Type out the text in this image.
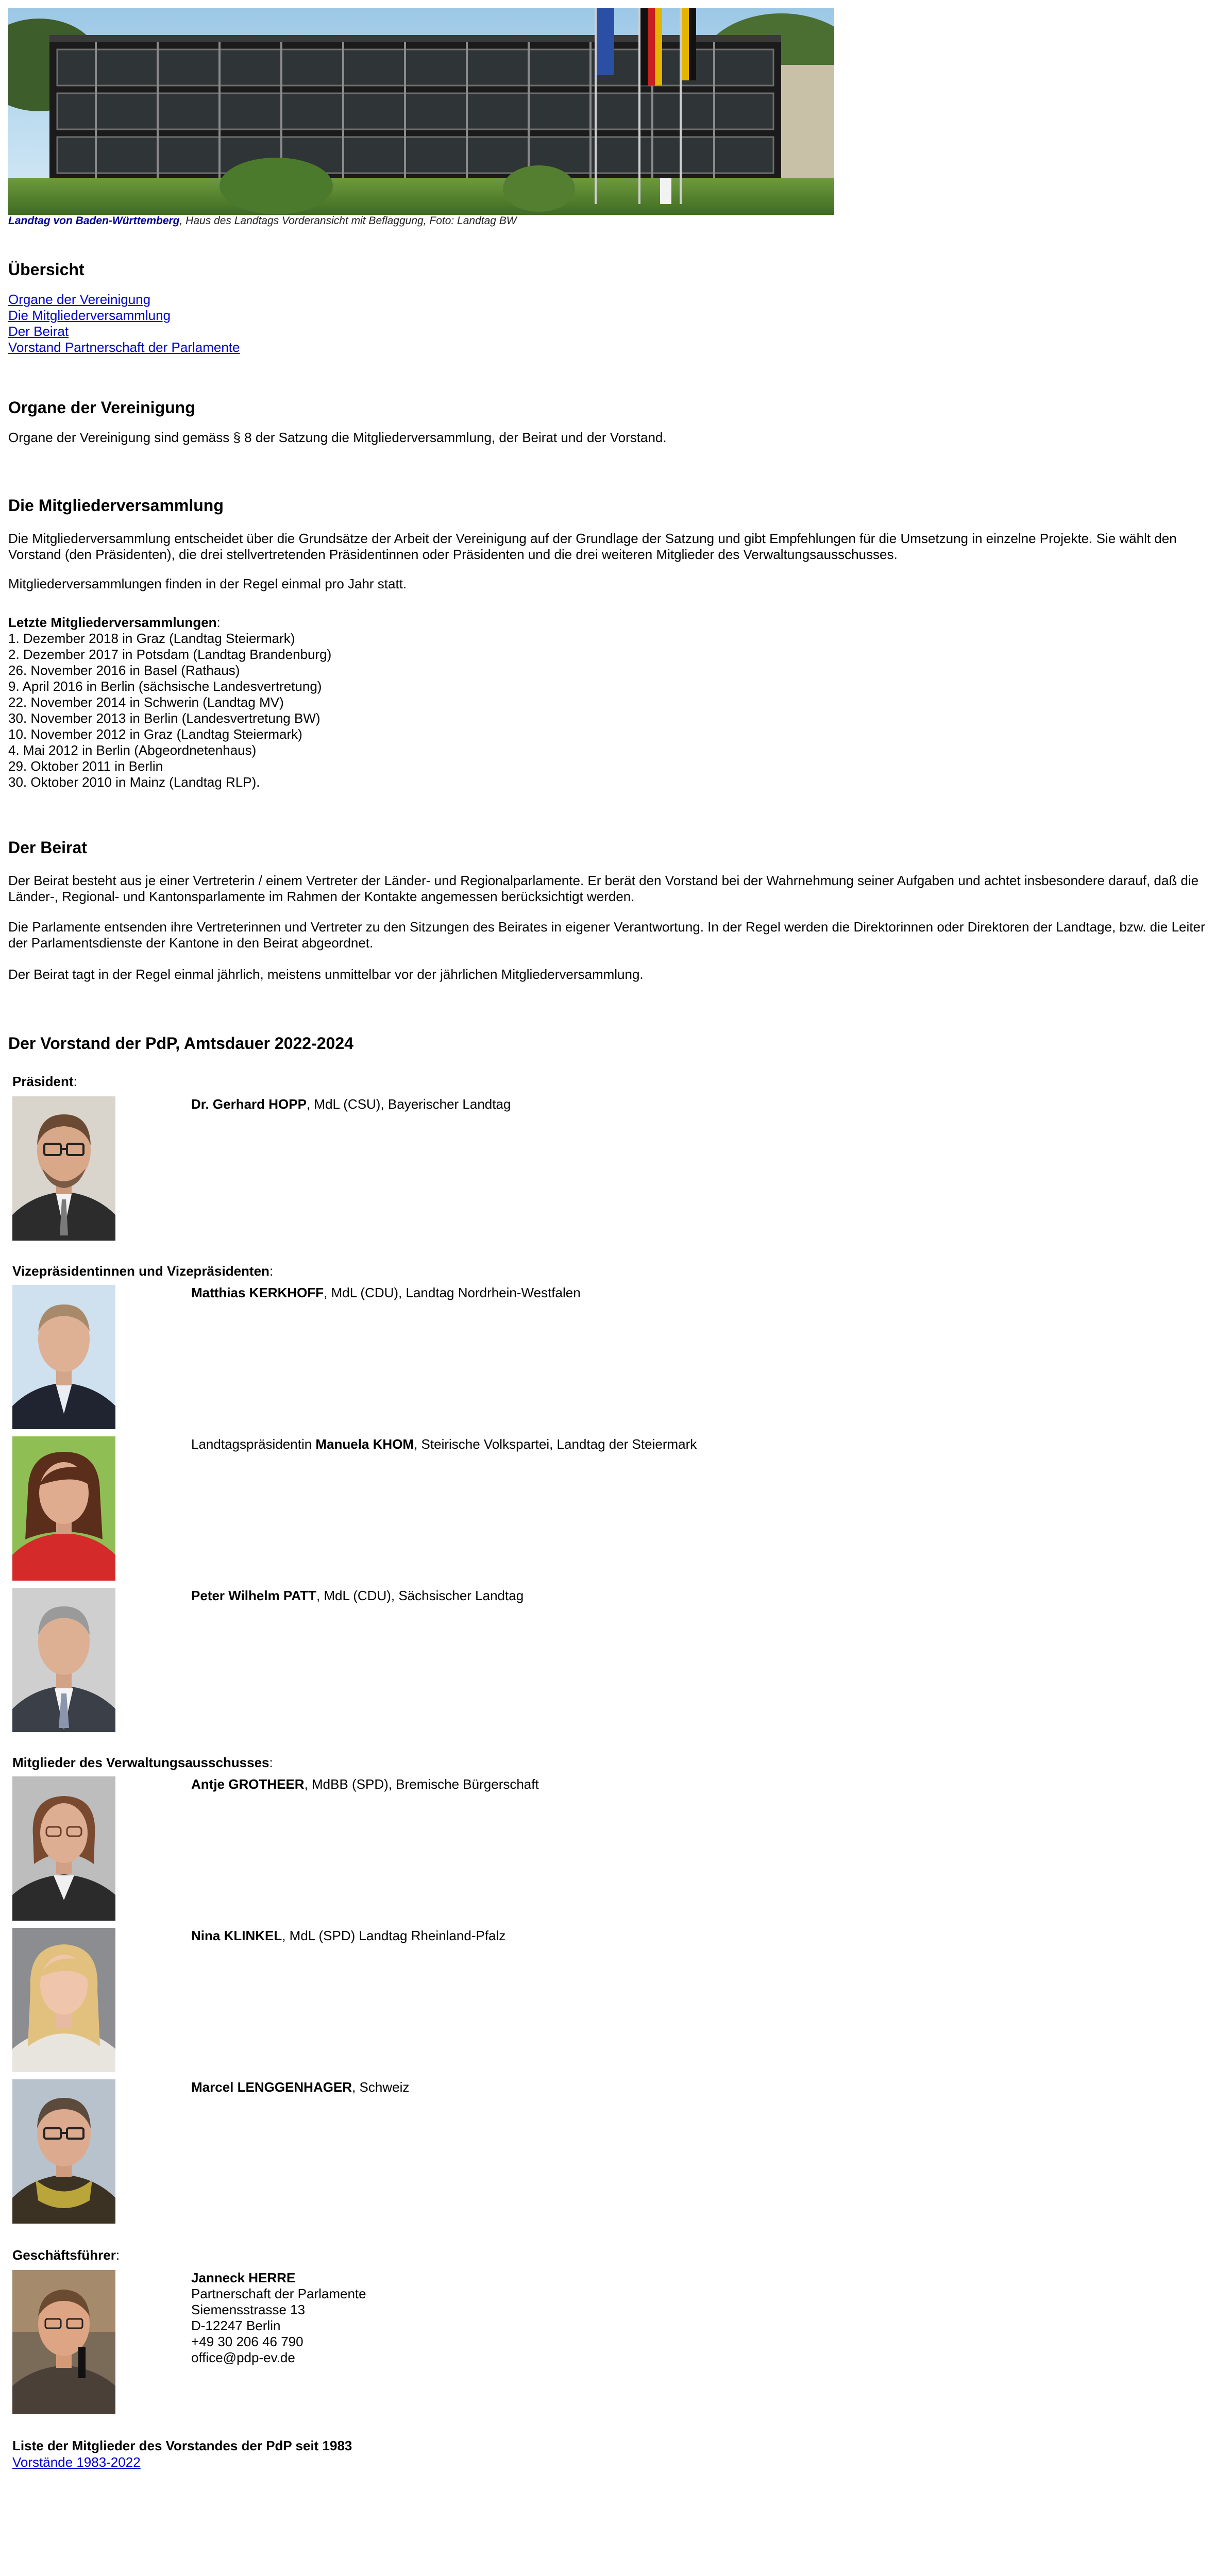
Landtag von Baden-Württemberg, Haus des Landtags Vorderansicht mit Beflaggung, Foto: Landtag BW
Übersicht
Organe der Vereinigung
Die Mitgliederversammlung
Der Beirat
Vorstand Partnerschaft der Parlamente
Organe der Vereinigung

Organe der Vereinigung sind gemäss § 8 der Satzung die Mitgliederversammlung, der Beirat und der Vorstand.

Die Mitgliederversammlung

Die Mitgliederversammlung entscheidet über die Grundsätze der Arbeit der Vereinigung auf der Grundlage der Satzung und gibt Empfehlungen für die Umsetzung in einzelne Projekte. Sie wählt den Vorstand (den Präsidenten), die drei stellvertretenden Präsidentinnen oder Präsidenten und die drei weiteren Mitglieder des Verwaltungsausschusses.

Mitgliederversammlungen finden in der Regel einmal pro Jahr statt.

Letzte Mitgliederversammlungen:
1. Dezember 2018 in Graz (Landtag Steiermark)
2. Dezember 2017 in Potsdam (Landtag Brandenburg)
26. November 2016 in Basel (Rathaus)
9. April 2016 in Berlin (sächsische Landesvertretung)
22. November 2014 in Schwerin (Landtag MV)
30. November 2013 in Berlin (Landesvertretung BW)
10. November 2012 in Graz (Landtag Steiermark)
4. Mai 2012 in Berlin (Abgeordnetenhaus)
29. Oktober 2011 in Berlin
30. Oktober 2010 in Mainz (Landtag RLP).
Der Beirat

Der Beirat besteht aus je einer Vertreterin / einem Vertreter der Länder- und Regionalparlamente. Er berät den Vorstand bei der Wahrnehmung seiner Aufgaben und achtet insbesondere darauf, daß die Länder-, Regional- und Kantonsparlamente im Rahmen der Kontakte angemessen berücksichtigt werden.

Die Parlamente entsenden ihre Vertreterinnen und Vertreter zu den Sitzungen des Beirates in eigener Verantwortung. In der Regel werden die Direktorinnen oder Direktoren der Landtage, bzw. die Leiter der Parlamentsdienste der Kantone in den Beirat abgeordnet.

Der Beirat tagt in der Regel einmal jährlich, meistens unmittelbar vor der jährlichen Mitgliederversammlung.

Der Vorstand der PdP, Amtsdauer 2022-2024
Präsident:
Dr. Gerhard HOPP, MdL (CSU), Bayerischer Landtag
Vizepräsidentinnen und Vizepräsidenten:
Matthias KERKHOFF, MdL (CDU), Landtag Nordrhein-Westfalen
Landtagspräsidentin Manuela KHOM, Steirische Volkspartei, Landtag der Steiermark
Peter Wilhelm PATT, MdL (CDU), Sächsischer Landtag
Mitglieder des Verwaltungsausschusses:
Antje GROTHEER, MdBB (SPD), Bremische Bürgerschaft
Nina KLINKEL, MdL (SPD) Landtag Rheinland-Pfalz
Marcel LENGGENHAGER, Schweiz
Geschäftsführer:
Janneck HERRE
Partnerschaft der Parlamente
Siemensstrasse 13
D-12247 Berlin
+49 30 206 46 790
office@pdp-ev.de
Liste der Mitglieder des Vorstandes der PdP seit 1983
Vorstände 1983-2022
